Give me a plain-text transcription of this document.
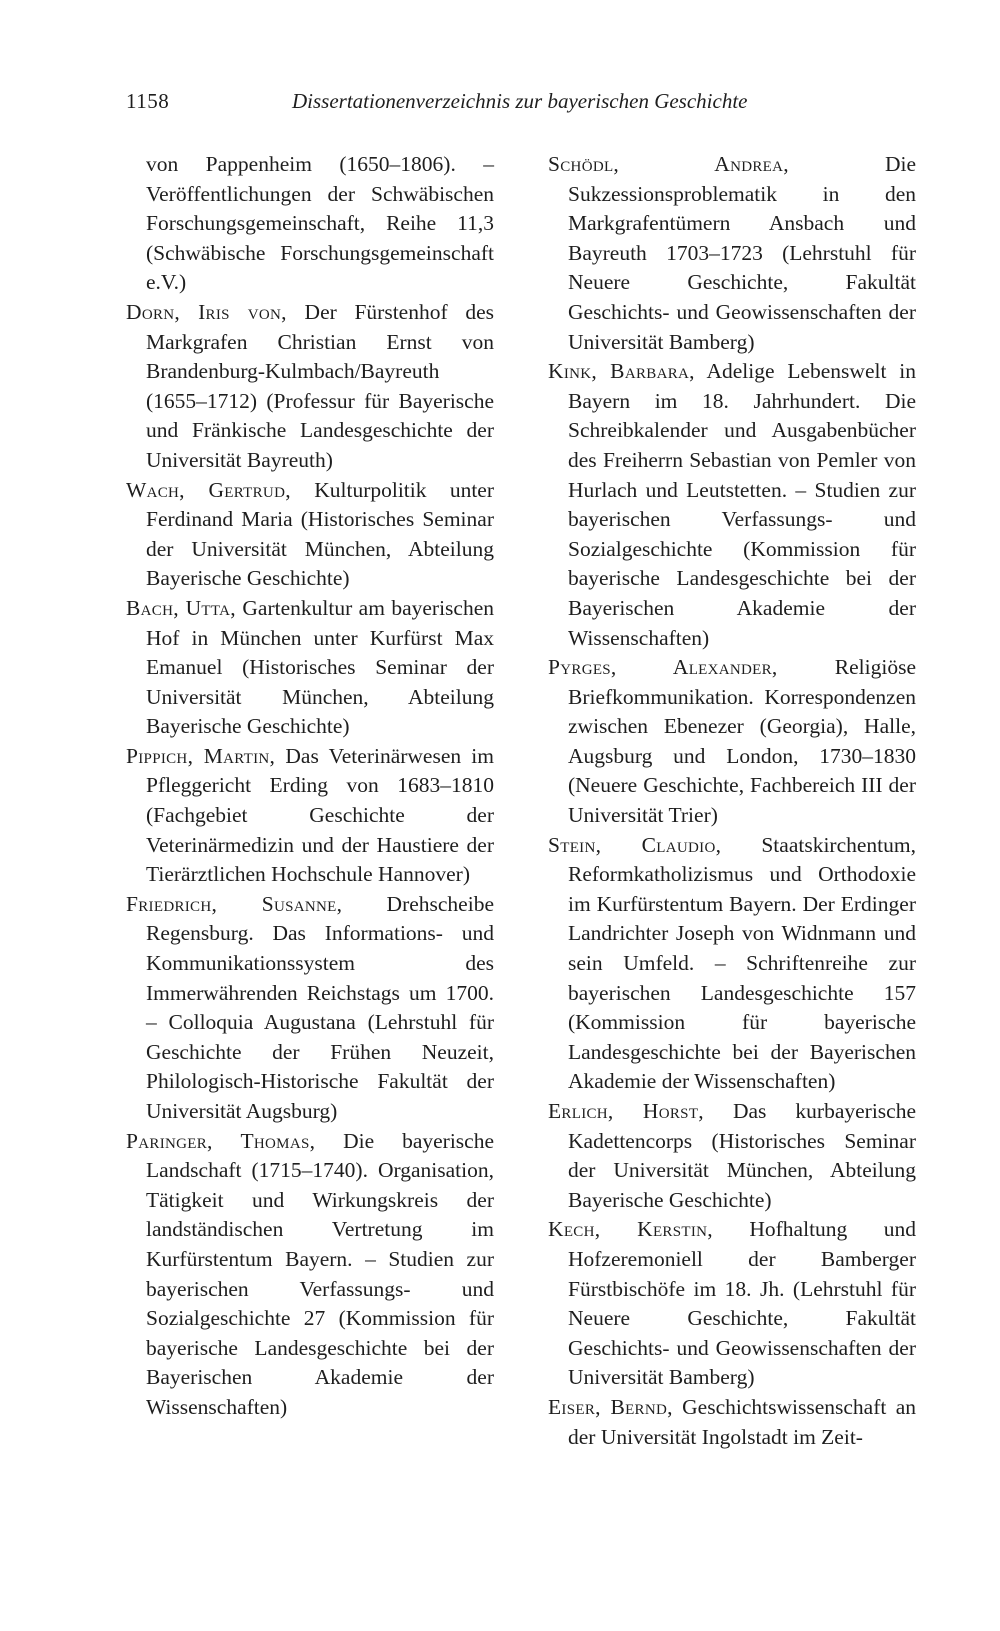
1158	Dissertationenverzeichnis zur bayerischen Geschichte

von Pappenheim (1650–1806). – Veröffentlichungen der Schwäbischen Forschungsgemeinschaft, Reihe 11,3 (Schwäbische Forschungsgemeinschaft e.V.)

Dorn, Iris von, Der Fürstenhof des Markgrafen Christian Ernst von Brandenburg-Kulmbach/Bayreuth (1655–1712) (Professur für Bayerische und Fränkische Landesgeschichte der Universität Bayreuth)

Wach, Gertrud, Kulturpolitik unter Ferdinand Maria (Historisches Seminar der Universität München, Abteilung Bayerische Geschichte)

Bach, Utta, Gartenkultur am bayerischen Hof in München unter Kurfürst Max Emanuel (Historisches Seminar der Universität München, Abteilung Bayerische Geschichte)

Pippich, Martin, Das Veterinärwesen im Pfleggericht Erding von 1683–1810 (Fachgebiet Geschichte der Veterinärmedizin und der Haustiere der Tierärztlichen Hochschule Hannover)

Friedrich, Susanne, Drehscheibe Regensburg. Das Informations- und Kommunikationssystem des Immerwährenden Reichstags um 1700. – Colloquia Augustana (Lehrstuhl für Geschichte der Frühen Neuzeit, Philologisch-Historische Fakultät der Universität Augsburg)

Paringer, Thomas, Die bayerische Landschaft (1715–1740). Organisation, Tätigkeit und Wirkungskreis der landständischen Vertretung im Kurfürstentum Bayern. – Studien zur bayerischen Verfassungs- und Sozialgeschichte 27 (Kommission für bayerische Landesgeschichte bei der Bayerischen Akademie der Wissenschaften)

Schödl, Andrea,	Die Sukzessionsproblematik in den Markgrafentümern Ansbach und Bayreuth 1703–1723 (Lehrstuhl für Neuere Geschichte, Fakultät Geschichts- und Geowissenschaften der Universität Bamberg)

Kink, Barbara, Adelige Lebenswelt in Bayern im 18. Jahrhundert. Die Schreibkalender und Ausgabenbücher des Freiherrn Sebastian von Pemler von Hurlach und Leutstetten. – Studien zur bayerischen Verfassungs- und Sozialgeschichte (Kommission für bayerische Landesgeschichte bei der Bayerischen Akademie der Wissenschaften)

Pyrges, Alexander,	Religiöse Briefkommunikation. Korrespondenzen zwischen Ebenezer (Georgia), Halle, Augsburg und London, 1730–1830 (Neuere Geschichte, Fachbereich III der Universität Trier)

Stein, Claudio, Staatskirchentum, Reformkatholizismus und Orthodoxie im Kurfürstentum Bayern. Der Erdinger Landrichter Joseph von Widnmann und sein Umfeld. – Schriftenreihe zur bayerischen Landesgeschichte 157 (Kommission für bayerische Landesgeschichte bei der Bayerischen Akademie der Wissenschaften)

Erlich, Horst, Das kurbayerische Kadettencorps (Historisches Seminar der Universität München, Abteilung Bayerische Geschichte)

Kech, Kerstin, Hofhaltung und Hofzeremoniell der Bamberger Fürstbischöfe im 18. Jh. (Lehrstuhl für Neuere Geschichte, Fakultät Geschichts- und Geowissenschaften der Universität Bamberg)

Eiser, Bernd, Geschichtswissenschaft an der Universität Ingolstadt im Zeit-
